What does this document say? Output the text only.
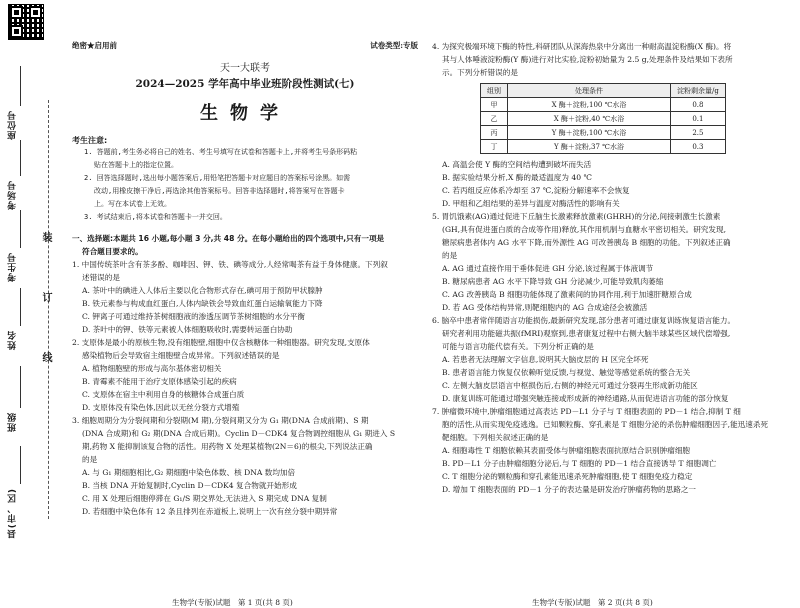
座位号
考场号
考生号
姓名
班级
县(市、区)
装
订
线
绝密★启用前	试卷类型:专版
天一大联考
2024—2025 学年高中毕业班阶段性测试(七)
生物学
考生注意:
1. 答题前,考生务必将自己的姓名、考生号填写在试卷和答题卡上,并将考生号条形码粘
贴在答题卡上的指定位置。
2. 回答选择题时,选出每小题答案后,用铅笔把答题卡对应题目的答案标号涂黑。如需
改动,用橡皮擦干净后,再选涂其他答案标号。回答非选择题时,将答案写在答题卡
上。写在本试卷上无效。
3. 考试结束后,将本试卷和答题卡一并交回。

一、选择题:本题共 16 小题,每小题 3 分,共 48 分。在每小题给出的四个选项中,只有一项是

符合题目要求的。

1. 中国传统茶叶含有茶多酚、咖啡因、钾、铁、碘等成分,人经常喝茶有益于身体健康。下列叙

述错误的是

A. 茶叶中的碘进入人体后主要以化合物形式存在,碘可用于预防甲状腺肿

B. 铁元素参与构成血红蛋白,人体内缺铁会导致血红蛋白运输氧能力下降

C. 钾离子可通过维持茶树细胞液的渗透压调节茶树细胞的水分平衡

D. 茶叶中的钾、铁等元素被人体细胞吸收时,需要转运蛋白协助

2. 支原体是最小的原核生物,没有细胞壁,细胞中仅含核糖体一种细胞器。研究发现,支原体

感染植物后会导致宿主细胞壁合成异常。下列叙述错误的是

A. 植物细胞壁的形成与高尔基体密切相关

B. 青霉素不能用于治疗支原体感染引起的疾病

C. 支原体在宿主中利用自身的核糖体合成蛋白质

D. 支原体没有染色体,因此以无丝分裂方式增殖

3. 细胞周期分为分裂间期和分裂期(M 期),分裂间期又分为 G₁ 期(DNA 合成前期)、S 期

(DNA 合成期)和 G₂ 期(DNA 合成后期)。Cyclin D－CDK4 复合物调控细胞从 G₁ 期进入 S

期,药物 X 能抑制该复合物的活性。用药物 X 处理某植物(2N＝6)的根尖,下列说法正确

的是

A. 与 G₁ 期细胞相比,G₂ 期细胞中染色体数、核 DNA 数均加倍

B. 当核 DNA 开始复制时,Cyclin D－CDK4 复合物就开始形成

C. 用 X 处理后细胞停滞在 G₁/S 期交界处,无法进入 S 期完成 DNA 复制

D. 若细胞中染色体有 12 条且排列在赤道板上,说明上一次有丝分裂中期异常

生物学(专版)试题　第 1 页(共 8 页)

4. 为探究极端环境下酶的特性,科研团队从深海热泉中分离出一种耐高温淀粉酶(X 酶)。将

其与人体唾液淀粉酶(Y 酶)进行对比实验,淀粉初始量为 2.5 g,处理条件及结果如下表所

示。下列分析错误的是

组别	处理条件	淀粉剩余量/g
甲	X 酶＋淀粉,100 ℃水浴	0.8
乙	X 酶＋淀粉,40 ℃水浴	0.1
丙	Y 酶＋淀粉,100 ℃水浴	2.5
丁	Y 酶＋淀粉,37 ℃水浴	0.3

A. 高温会使 Y 酶的空间结构遭到破坏而失活

B. 据实验结果分析,X 酶的最适温度为 40 ℃

C. 若丙组反应体系冷却至 37 ℃,淀粉分解速率不会恢复

D. 甲组和乙组结果的差异与温度对酶活性的影响有关

5. 胃饥饿素(AG)通过促进下丘脑生长激素释放激素(GHRH)的分泌,间接刺激生长激素

(GH,具有促进蛋白质的合成等作用)释放,其作用机制与血糖水平密切相关。研究发现,

糖尿病患者体内 AG 水平下降,而外源性 AG 可改善胰岛 B 细胞的功能。下列叙述正确

的是

A. AG 通过直接作用于垂体促进 GH 分泌,该过程属于体液调节

B. 糖尿病患者 AG 水平下降导致 GH 分泌减少,可能导致肌肉萎缩

C. AG 改善胰岛 B 细胞功能体现了激素间的协同作用,利于加速肝糖原合成

D. 若 AG 受体结构异常,则靶细胞内的 AG 合成途径会被激活

6. 脑卒中患者常伴随语言功能损伤,最新研究发现,部分患者可通过康复训练恢复语言能力。

研究者利用功能磁共振(fMRI)观察到,患者康复过程中右侧大脑半球某些区域代偿增强,

可能与语言功能代偿有关。下列分析正确的是

A. 若患者无法理解文字信息,说明其大脑皮层的 H 区完全坏死

B. 患者语言能力恢复仅依赖听觉反馈,与视觉、触觉等感觉系统的整合无关

C. 左侧大脑皮层语言中枢损伤后,右侧的神经元可通过分裂再生形成新功能区

D. 康复训练可能通过增强突触连接或形成新的神经通路,从而促进语言功能的部分恢复

7. 肿瘤微环境中,肿瘤细胞通过高表达 PD－L1 分子与 T 细胞表面的 PD－1 结合,抑制 T 细

胞的活性,从而实现免疫逃逸。已知颗粒酶、穿孔素是 T 细胞分泌的杀伤肿瘤细胞因子,能迅速杀死

靶细胞。下列相关叙述正确的是

A. 细胞毒性 T 细胞依赖其表面受体与肿瘤细胞表面抗原结合识别肿瘤细胞

B. PD－L1 分子由肿瘤细胞分泌后,与 T 细胞的 PD－1 结合直接诱导 T 细胞凋亡

C. T 细胞分泌的颗粒酶和穿孔素能迅速杀死肿瘤细胞,使 T 细胞免疫力稳定

D. 增加 T 细胞表面的 PD－1 分子的表达量是研发治疗肿瘤药物的思路之一

生物学(专版)试题　第 2 页(共 8 页)
